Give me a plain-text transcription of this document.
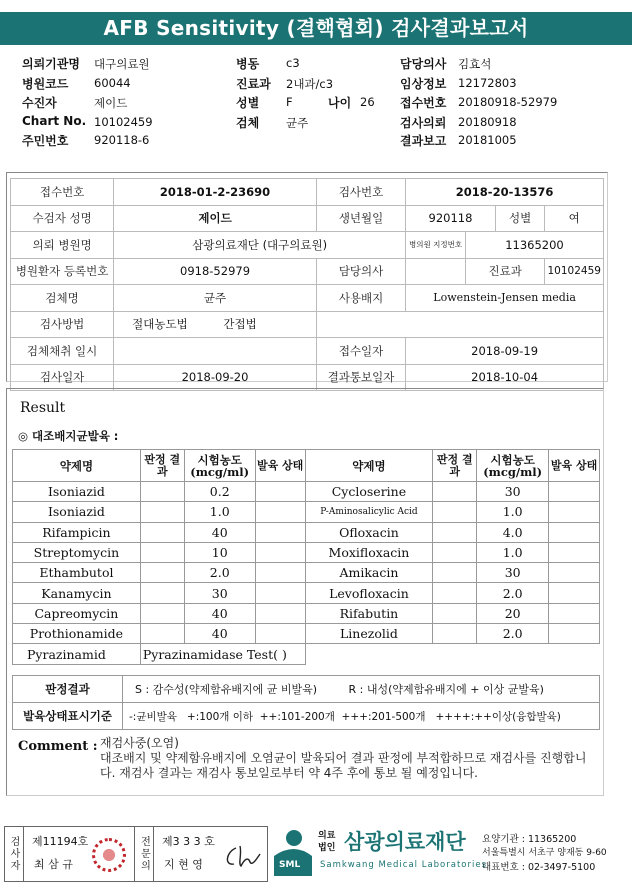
AFB Sensitivity (결핵협회) 검사결과보고서
의뢰기관명 대구의료원
병원코드 60044
수진자	제이드
Chart No. 10102459
주민번호 920118-6
병동 c3
진료과 2내과/c3
성별 F
검체 균주
나이 26
담당의사 김효석
임상정보 12172803
접수번호 20180918-52979
검사의뢰 20180918
결과보고 20181005
접수번호	2018-01-2-23690	검사번호	2018-20-13576			
수검자 성명	제이드	생년월일	920118		성별	여
의뢰 병원명	삼광의료재단 (대구의료원)		병의원 지정번호	11365200		
병원환자 등록번호	0918-52979	담당의사		진료과		10102459
검체명	균주	사용배지	Lowenstein-Jensen media			
검사방법	절대농도법 간접법					
검체채취 일시		접수일자	2018-09-19			
검사일자	2018-09-20	결과통보일자	2018-10-04			
Result
◎ 대조배지균발육 :
약제명	판정 결과	시험농도 (mcg/ml)	발육 상태	약제명	판정 결과	시험농도 (mcg/ml)	발육 상태
Isoniazid		0.2		Cycloserine		30	
Isoniazid		1.0		P-Aminosalicylic Acid		1.0	
Rifampicin		40		Ofloxacin		4.0	
Streptomycin		10		Moxifloxacin		1.0	
Ethambutol		2.0		Amikacin		30	
Kanamycin		30		Levofloxacin		2.0	
Capreomycin		40		Rifabutin		20	
Prothionamide		40		Linezolid		2.0	
Pyrazinamid	Pyrazinamidase Test( )						
판정결과	S : 감수성(약제함유배지에 균 비발육)         R : 내성(약제함유배지에 + 이상 균발육)
발육상태표시기준	-:균비발육   +:100개 이하  ++:101-200개  +++:201-500개   ++++:++이상(융합발육)
Comment : 재검사중(오염)
대조배지 및 약제함유배지에 오염균이 발육되어 결과 판정에 부적합하므로 재검사를 진행합니다. 재검사 결과는 재검사 통보일로부터 약 4주 후에 통보 될 예정입니다.
검사자 제11194호
최 삼 규	전문의 제3 3 3 호
지 현 영	SML
의료법인 삼광의료재단
Samkwang Medical Laboratories
요양기관 : 11365200
서울특별시 서초구 양재동 9-60
대표번호 : 02-3497-5100
